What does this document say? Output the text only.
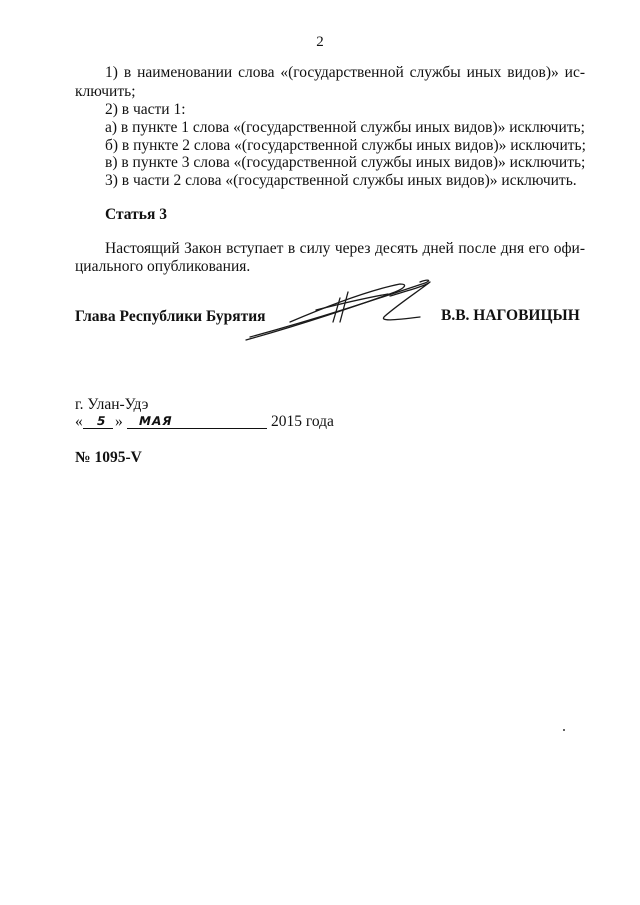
2
1) в наименовании слова «(государственной службы иных видов)» ис-
ключить;
2) в части 1:
а) в пункте 1 слова «(государственной службы иных видов)» исключить;
б) в пункте 2 слова «(государственной службы иных видов)» исключить;
в) в пункте 3 слова «(государственной службы иных видов)» исключить;
3) в части 2 слова «(государственной службы иных видов)» исключить.
Статья 3
Настоящий Закон вступает в силу через десять дней после дня его офи-
циального опубликования.
Глава Республики Бурятия	В.В. НАГОВИЦЫН
г. Улан-Удэ
« 5 » МАЯ	2015 года
№ 1095-V
